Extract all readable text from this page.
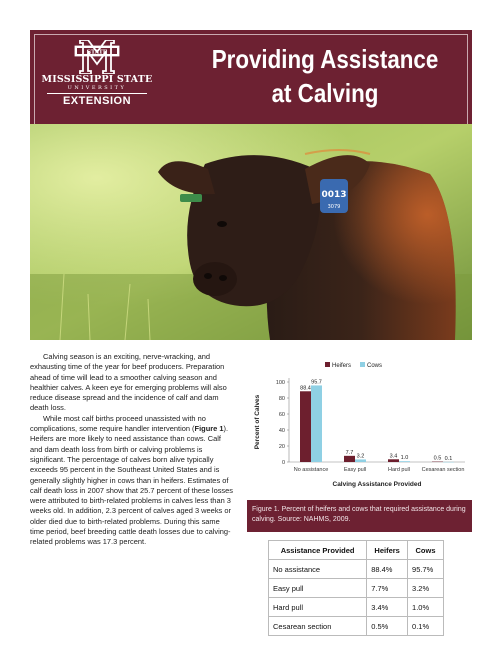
STATE
MISSISSIPPI STATE
UNIVERSITY
EXTENSION
Providing Assistance
at Calving
0013
3079

Calving season is an exciting, nerve-wracking, and exhausting time of the year for beef producers. Preparation ahead of time will lead to a smoother calving season and healthier calves. A keen eye for emerging problems will also reduce disease spread and the incidence of calf and dam death loss.

While most calf births proceed unassisted with no complications, some require handler intervention (Figure 1). Heifers are more likely to need assistance than cows. Calf and dam death loss from birth or calving problems is significant. The percentage of calves born alive typically exceeds 95 percent in the Southeast United States and is generally slightly higher in cows than in heifers. Estimates of calf death loss in 2007 show that 25.7 percent of these losses were attributed to birth-related problems in calves less than 3 weeks old. In addition, 2.3 percent of calves aged 3 weeks or older died due to birth-related problems. During this same time period, beef breeding cattle death losses due to calving-related problems was 17.3 percent.

Heifers	Cows
0
20
40
60
80
100
Percent of Calves
88.4
95.7
No assistance
7.7
3.2
Easy pull
3.4 1.0
Hard pull
0.5 0.1
Cesarean section
Calving Assistance Provided
Figure 1. Percent of heifers and cows that required assistance during calving. Source: NAHMS, 2009.
Assistance Provided	Heifers	Cows
No assistance	88.4%	95.7%
Easy pull	7.7%	3.2%
Hard pull	3.4%	1.0%
Cesarean section	0.5%	0.1%
